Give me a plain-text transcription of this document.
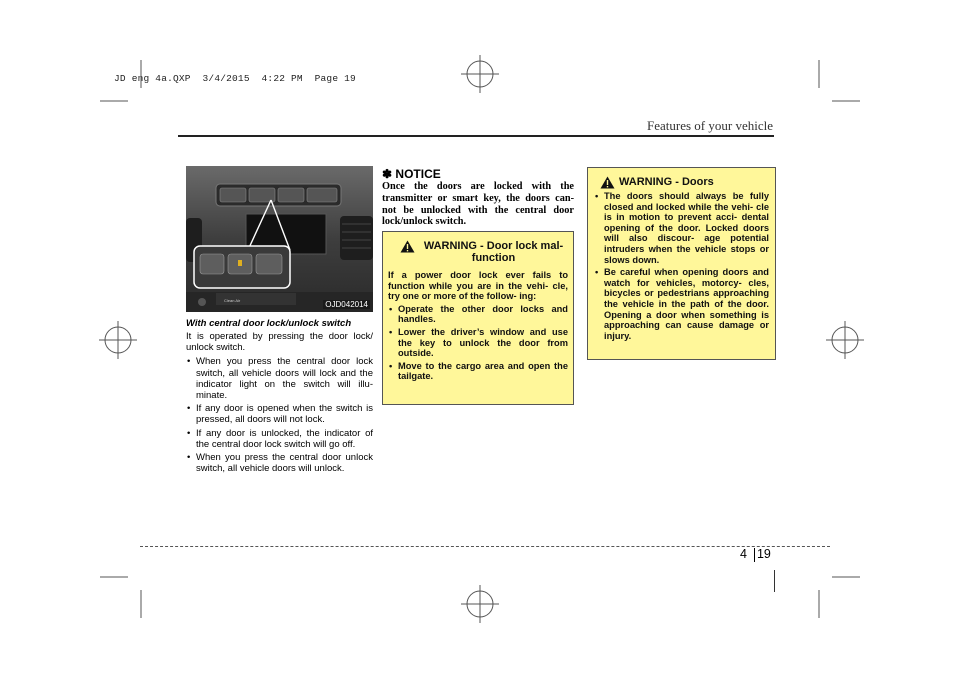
JD eng 4a.QXP  3/4/2015  4:22 PM  Page 19
Features of your vehicle
Clean Air	OJD042014
With central door lock/unlock switch

It is operated by pressing the door lock/ unlock switch.

• When you press the central door lock switch, all vehicle doors will lock and the indicator light on the switch will illu- minate.
• If any door is opened when the switch is pressed, all doors will not lock.
• If any door is unlocked, the indicator of the central door lock switch will go off.
• When you press the central door unlock switch, all vehicle doors will unlock.
✽ NOTICE
Once the doors are locked with the transmitter or smart key, the doors can- not be unlocked with the central door lock/unlock switch.
WARNING - Door lock mal- function

If a power door lock ever fails to function while you are in the vehi- cle, try one or more of the follow- ing:

• Operate the other door locks and handles.
• Lower the driver’s window and use the key to unlock the door from outside.
• Move to the cargo area and open the tailgate.
WARNING - Doors
• The doors should always be fully closed and locked while the vehi- cle is in motion to prevent acci- dental opening of the door. Locked doors will also discour- age potential intruders when the vehicle stops or slows down.
• Be careful when opening doors and watch for vehicles, motorcy- cles, bicycles or pedestrians approaching the vehicle in the path of the door. Opening a door when something is approaching can cause damage or injury.
4 19
